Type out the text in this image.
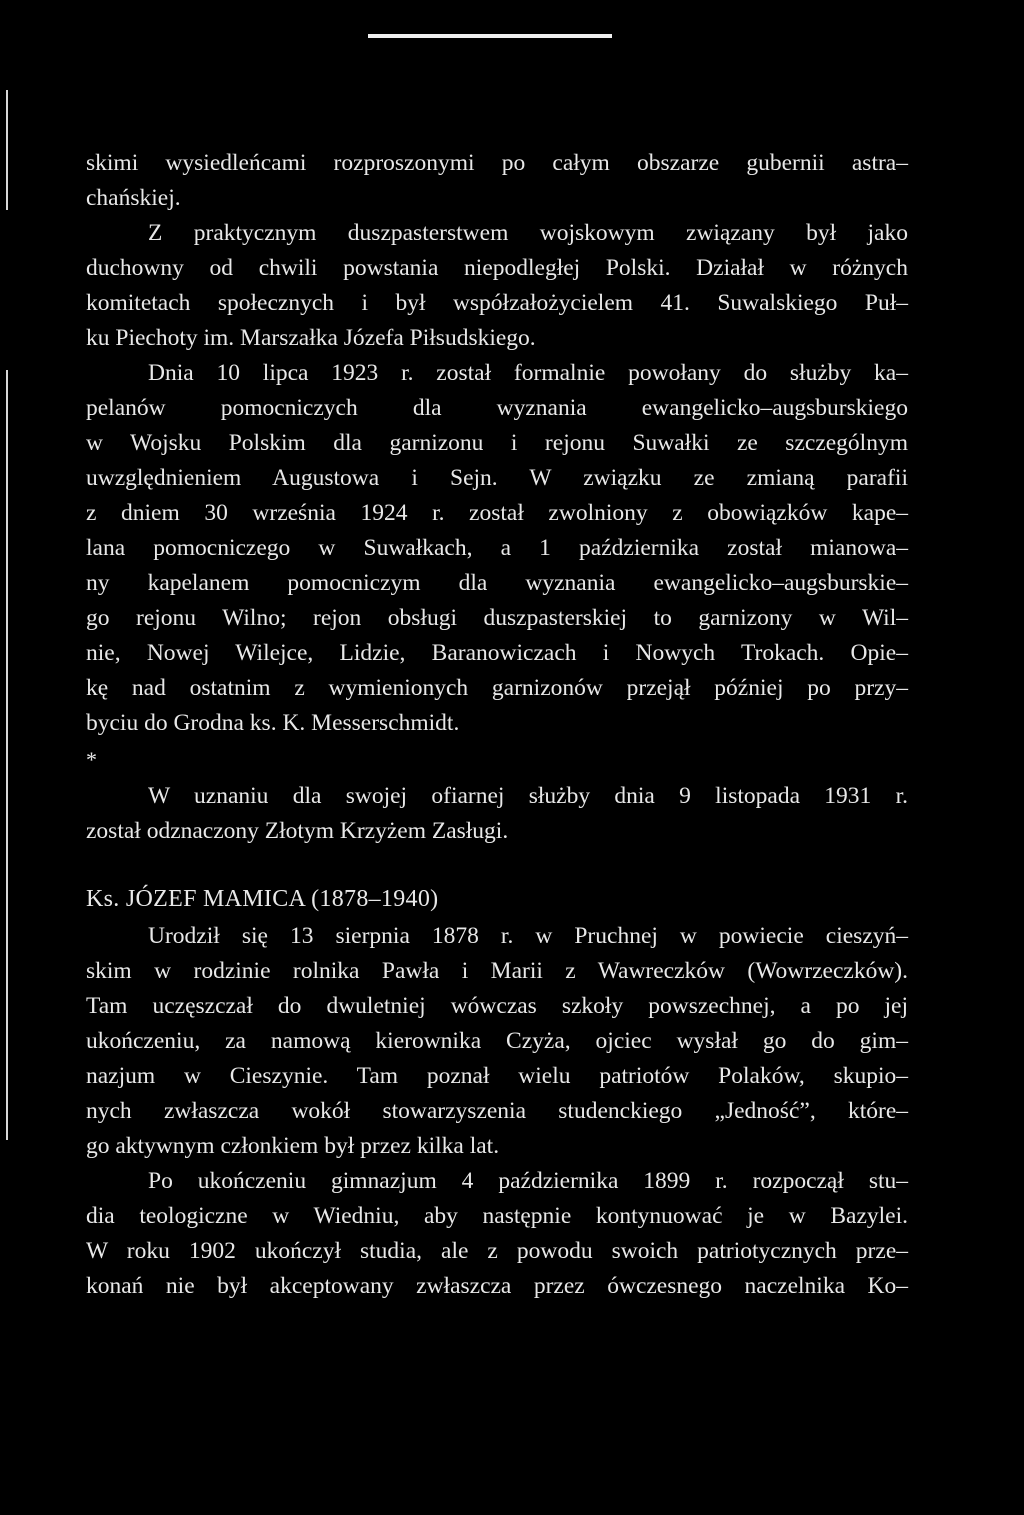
skimi wysiedleńcami rozproszonymi po całym obszarze gubernii astra–
chańskiej.
Z praktycznym duszpasterstwem wojskowym związany był jako
duchowny od chwili powstania niepodległej Polski. Działał w różnych
komitetach społecznych i był współzałożycielem 41. Suwalskiego Puł–
ku Piechoty im. Marszałka Józefa Piłsudskiego.
Dnia 10 lipca 1923 r. został formalnie powołany do służby ka–
pelanów pomocniczych dla wyznania ewangelicko–augsburskiego
w Wojsku Polskim dla garnizonu i rejonu Suwałki ze szczególnym
uwzględnieniem Augustowa i Sejn. W związku ze zmianą parafii
z dniem 30 września 1924 r. został zwolniony z obowiązków kape–
lana pomocniczego w Suwałkach, a 1 października został mianowa–
ny kapelanem pomocniczym dla wyznania ewangelicko–augsburskie–
go rejonu Wilno; rejon obsługi duszpasterskiej to garnizony w Wil–
nie, Nowej Wilejce, Lidzie, Baranowiczach i Nowych Trokach. Opie–
kę nad ostatnim z wymienionych garnizonów przejął później po przy–
byciu do Grodna ks. K. Messerschmidt.
*
W uznaniu dla swojej ofiarnej służby dnia 9 listopada 1931 r.
został odznaczony Złotym Krzyżem Zasługi.
Ks. JÓZEF MAMICA (1878–1940)
Urodził się 13 sierpnia 1878 r. w Pruchnej w powiecie cieszyń–
skim w rodzinie rolnika Pawła i Marii z Wawreczków (Wowrzeczków).
Tam uczęszczał do dwuletniej wówczas szkoły powszechnej, a po jej
ukończeniu, za namową kierownika Czyża, ojciec wysłał go do gim–
nazjum w Cieszynie. Tam poznał wielu patriotów Polaków, skupio–
nych zwłaszcza wokół stowarzyszenia studenckiego „Jedność”, które–
go aktywnym członkiem był przez kilka lat.
Po ukończeniu gimnazjum 4 października 1899 r. rozpoczął stu–
dia teologiczne w Wiedniu, aby następnie kontynuować je w Bazylei.
W roku 1902 ukończył studia, ale z powodu swoich patriotycznych prze–
konań nie był akceptowany zwłaszcza przez ówczesnego naczelnika Ko–
